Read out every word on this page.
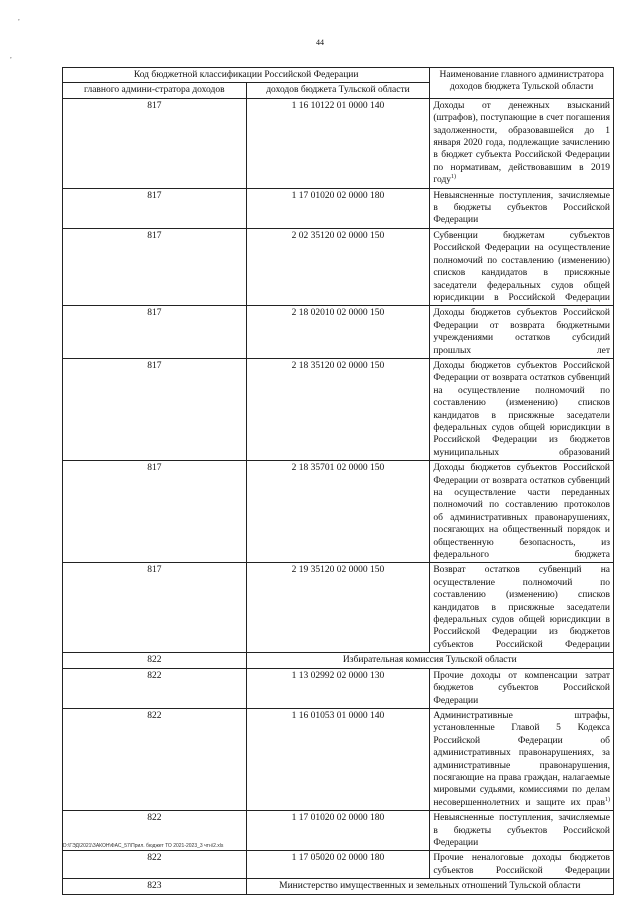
44
,
,
Код бюджетной классификации Российской Федерации		Наименование главного администратора доходов бюджета Тульской области
главного админи-стратора доходов	доходов бюджета Тульской области	
817	1 16 10122 01 0000 140	Доходы от денежных взысканий (штрафов), поступающие в счет погашения задолженности, образовавшейся до 1 января 2020 года, подлежащие зачислению в бюджет субъекта Российской Федерации по нормативам, действовавшим в 2019 году$^{1)}$
817	1 17 01020 02 0000 180	Невыясненные поступления, зачисляемые в бюджеты субъектов Российской Федерации
817	2 02 35120 02 0000 150	Субвенции бюджетам субъектов Российской Федерации на осуществление полномочий по составлению (изменению) списков кандидатов в присяжные заседатели федеральных судов общей юрисдикции в Российской Федерации
817	2 18 02010 02 0000 150	Доходы бюджетов субъектов Российской Федерации от возврата бюджетными учреждениями остатков субсидий прошлых лет
817	2 18 35120 02 0000 150	Доходы бюджетов субъектов Российской Федерации от возврата остатков субвенций на осуществление полномочий по составлению (изменению) списков кандидатов в присяжные заседатели федеральных судов общей юрисдикции в Российской Федерации из бюджетов муниципальных образований
817	2 18 35701 02 0000 150	Доходы бюджетов субъектов Российской Федерации от возврата остатков субвенций на осуществление части переданных полномочий по составлению протоколов об административных правонарушениях, посягающих на общественный порядок и общественную безопасность, из федерального бюджета
817	2 19 35120 02 0000 150	Возврат остатков субвенций на осуществление полномочий по составлению (изменению) списков кандидатов в присяжные заседатели федеральных судов общей юрисдикции в Российской Федерации из бюджетов субъектов Российской Федерации
822	Избирательная комиссия Тульской области	
822	1 13 02992 02 0000 130	Прочие доходы от компенсации затрат бюджетов субъектов Российской Федерации
822	1 16 01053 01 0000 140	Административные штрафы, установленные Главой 5 Кодекса Российской Федерации об административных правонарушениях, за административные правонарушения, посягающие на права граждан, налагаемые мировыми судьями, комиссиями по делам несовершеннолетних и защите их прав$^{1)}$
822	1 17 01020 02 0000 180	Невыясненные поступления, зачисляемые в бюджеты субъектов Российской Федерации
822	1 17 05020 02 0000 180	Прочие неналоговые доходы бюджетов субъектов Российской Федерации
823	Министерство имущественных и земельных отношений Тульской области	
D:\ГЭД\2021\ЗАКОН\ФАС_57\Прил. бюджет ТО 2021-2023_3 чтн\2.xls
